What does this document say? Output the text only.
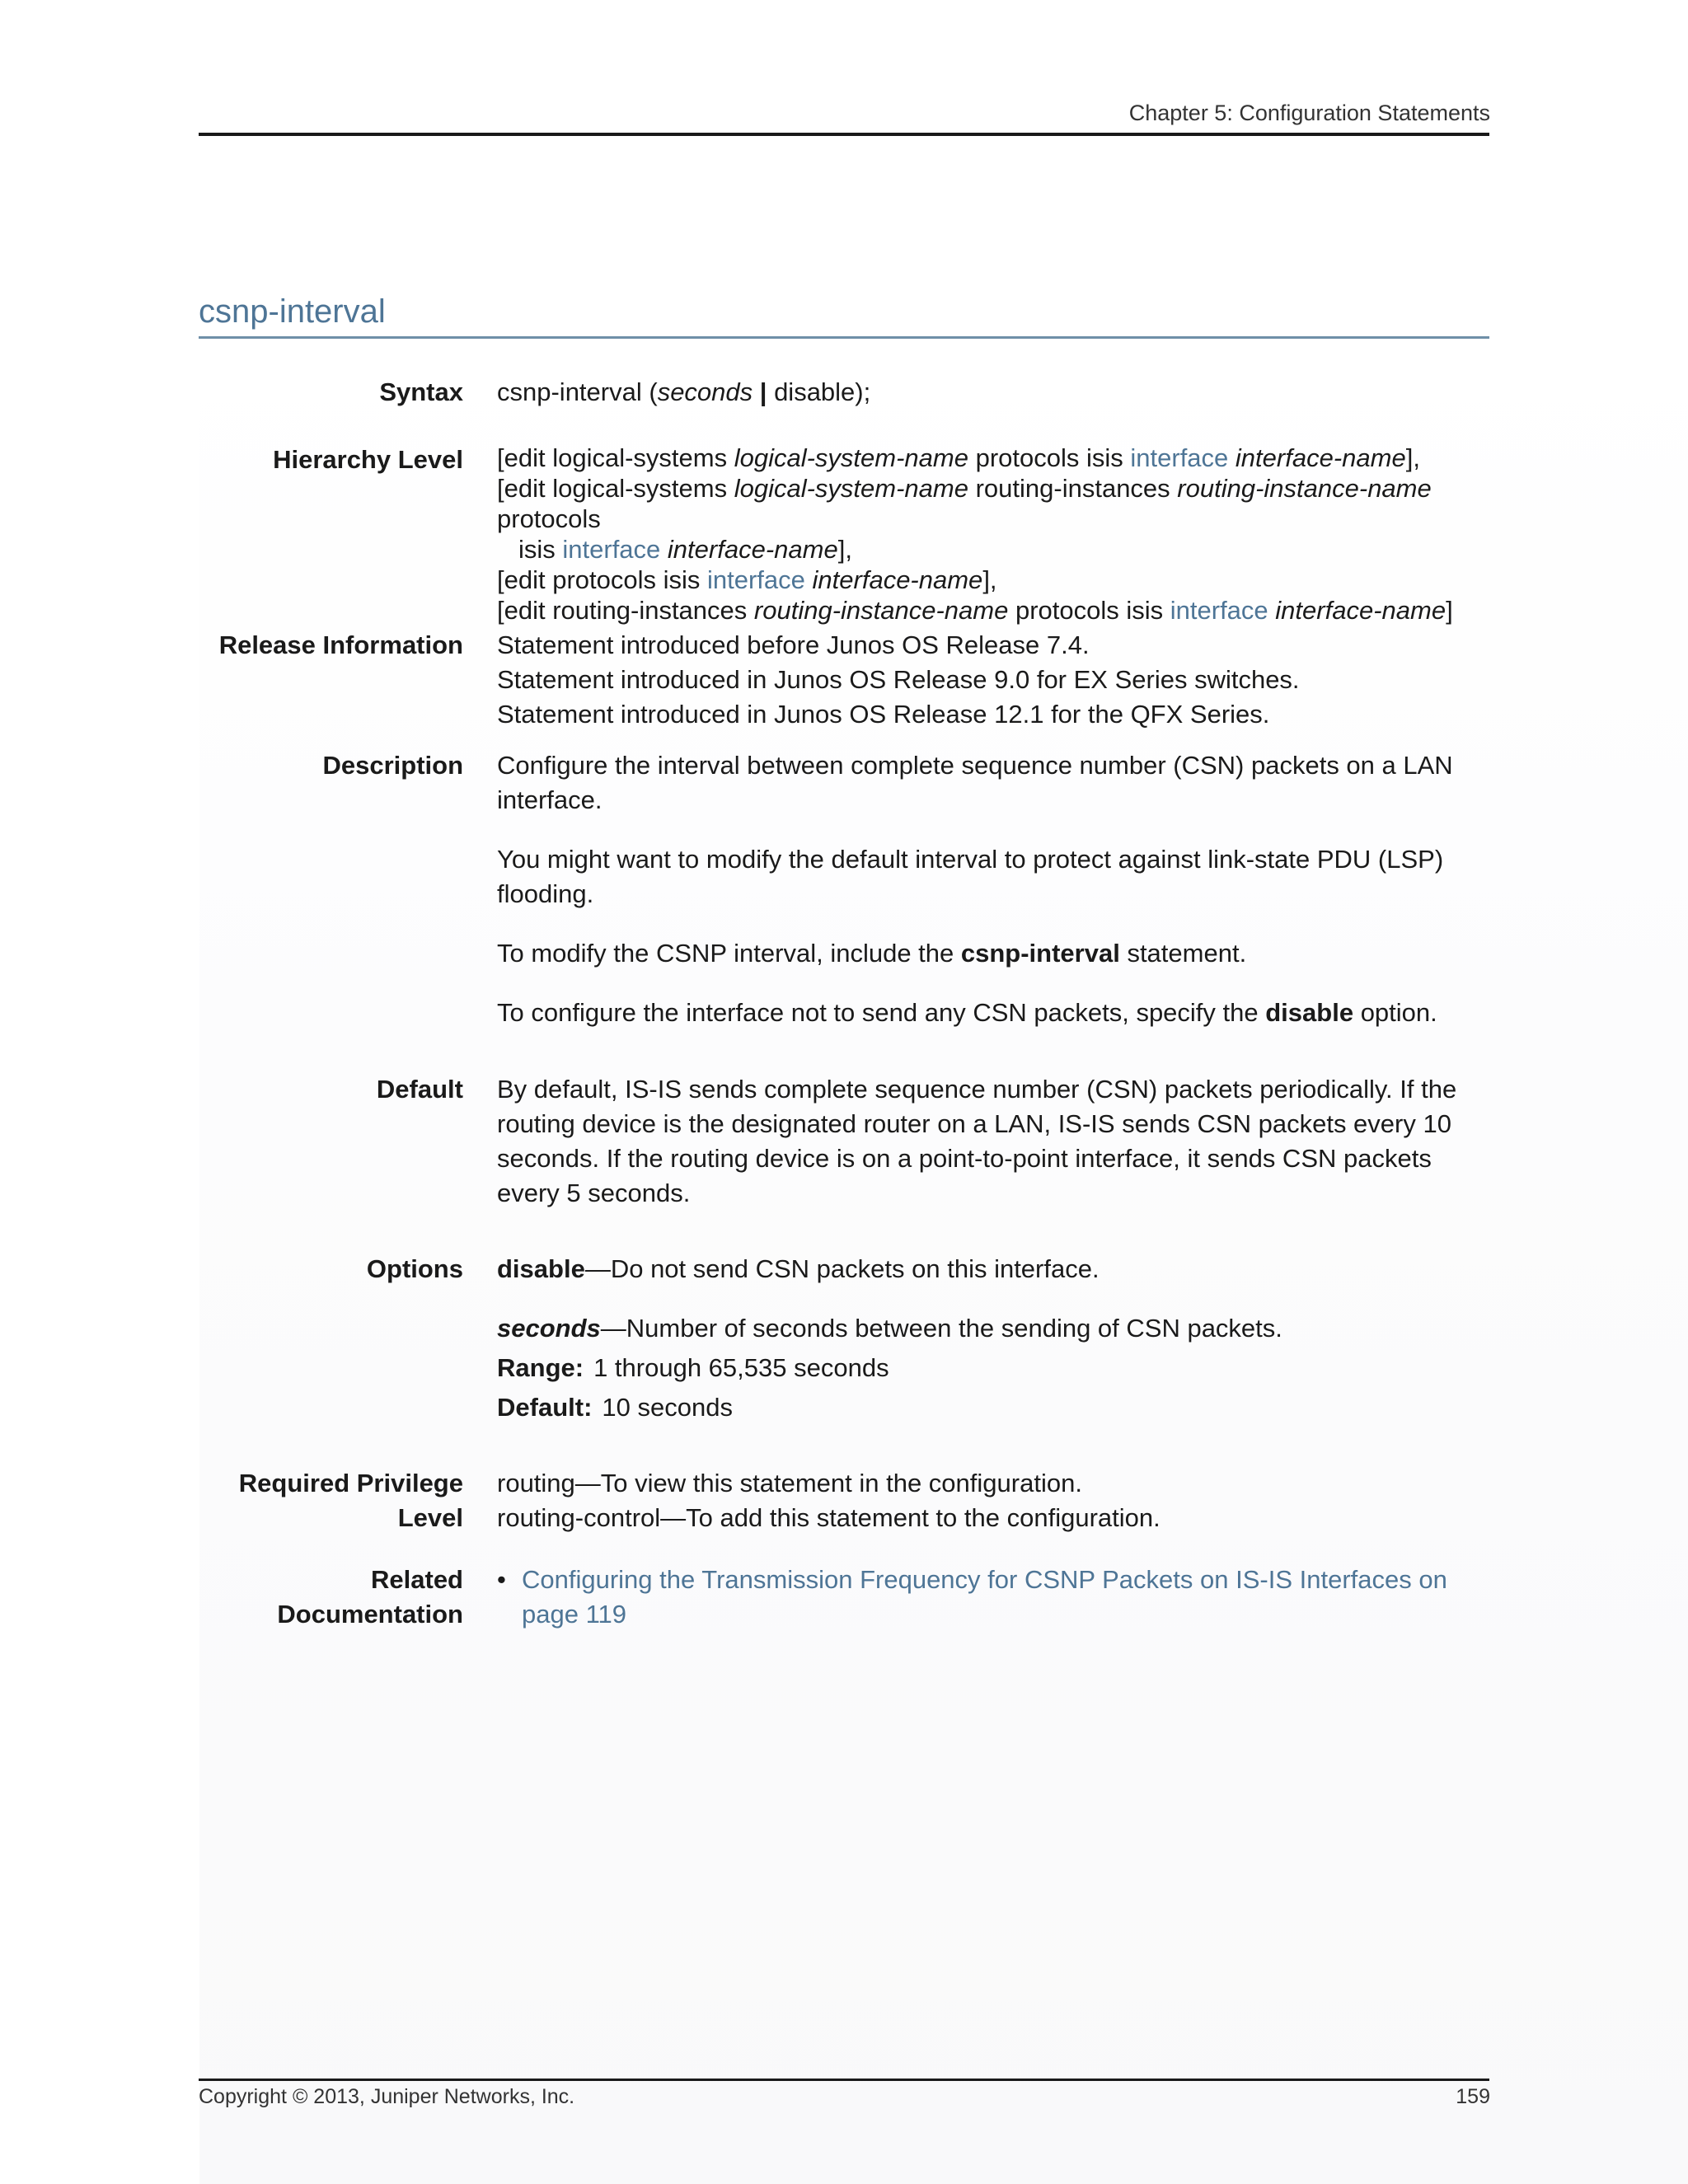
Chapter 5: Configuration Statements
csnp-interval
Syntax csnp-interval (seconds | disable);
Hierarchy Level [edit logical-systems logical-system-name protocols isis interface interface-name],
[edit logical-systems logical-system-name routing-instances routing-instance-name protocols
isis interface interface-name],
[edit protocols isis interface interface-name],
[edit routing-instances routing-instance-name protocols isis interface interface-name]
Release Information Statement introduced before Junos OS Release 7.4.
Statement introduced in Junos OS Release 9.0 for EX Series switches.
Statement introduced in Junos OS Release 12.1 for the QFX Series.
Description Configure the interval between complete sequence number (CSN) packets on a LAN interface.

You might want to modify the default interval to protect against link-state PDU (LSP) flooding.

To modify the CSNP interval, include the csnp-interval statement.

To configure the interface not to send any CSN packets, specify the disable option.

Default By default, IS-IS sends complete sequence number (CSN) packets periodically. If the routing device is the designated router on a LAN, IS-IS sends CSN packets every 10 seconds. If the routing device is on a point-to-point interface, it sends CSN packets every 5 seconds.
Options disable—Do not send CSN packets on this interface.

seconds—Number of seconds between the sending of CSN packets.

Range: 1 through 65,535 seconds
Default: 10 seconds
Required Privilege
Level
routing—To view this statement in the configuration.
routing-control—To add this statement to the configuration.
Related
Documentation
• Configuring the Transmission Frequency for CSNP Packets on IS-IS Interfaces on page 119
Copyright © 2013, Juniper Networks, Inc.	159
